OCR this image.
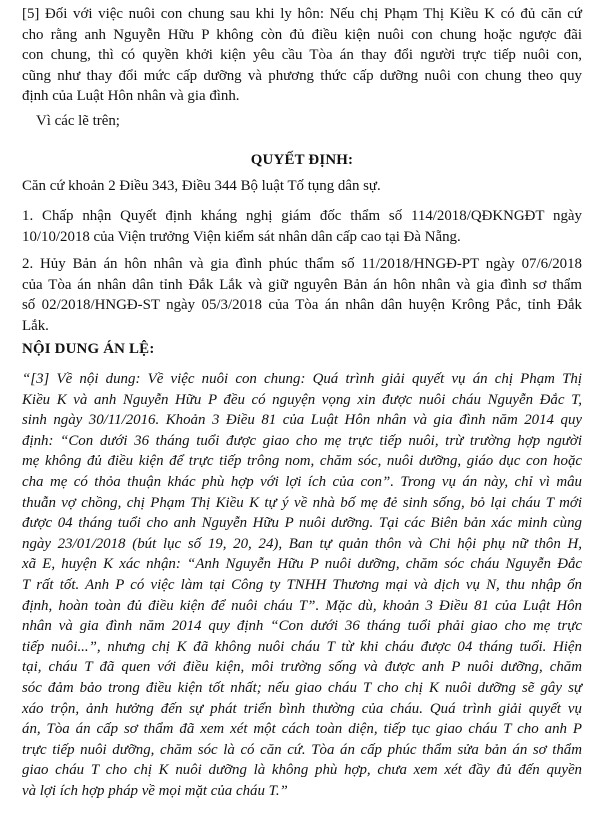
[5] Đối với việc nuôi con chung sau khi ly hôn: Nếu chị Phạm Thị Kiều K có đủ căn cứ
cho rằng anh Nguyễn Hữu P không còn đủ điều kiện nuôi con chung hoặc ngược đãi
con chung, thì có quyền khởi kiện yêu cầu Tòa án thay đổi người trực tiếp nuôi con,
cũng như thay đổi mức cấp dưỡng và phương thức cấp dưỡng nuôi con chung theo quy
định của Luật Hôn nhân và gia đình.
Vì các lẽ trên;
QUYẾT ĐỊNH:
Căn cứ khoản 2 Điều 343, Điều 344 Bộ luật Tố tụng dân sự.
1. Chấp nhận Quyết định kháng nghị giám đốc thẩm số 114/2018/QĐKNGĐT ngày
10/10/2018 của Viện trưởng Viện kiểm sát nhân dân cấp cao tại Đà Nẵng.
2. Hủy Bản án hôn nhân và gia đình phúc thẩm số 11/2018/HNGĐ-PT ngày 07/6/2018
của Tòa án nhân dân tỉnh Đắk Lắk và giữ nguyên Bản án hôn nhân và gia đình sơ thẩm
số 02/2018/HNGĐ-ST ngày 05/3/2018 của Tòa án nhân dân huyện Krông Pắc, tỉnh Đắk
Lắk.
NỘI DUNG ÁN LỆ:
“[3] Về nội dung: Về việc nuôi con chung: Quá trình giải quyết vụ án chị Phạm Thị
Kiều K và anh Nguyễn Hữu P đều có nguyện vọng xin được nuôi cháu Nguyễn Đắc T,
sinh ngày 30/11/2016. Khoản 3 Điều 81 của Luật Hôn nhân và gia đình năm 2014 quy
định: “Con dưới 36 tháng tuổi được giao cho mẹ trực tiếp nuôi, trừ trường hợp người
mẹ không đủ điều kiện để trực tiếp trông nom, chăm sóc, nuôi dưỡng, giáo dục con hoặc
cha mẹ có thỏa thuận khác phù hợp với lợi ích của con”. Trong vụ án này, chỉ vì mâu
thuẫn vợ chồng, chị Phạm Thị Kiều K tự ý về nhà bố mẹ đẻ sinh sống, bỏ lại cháu T mới
được 04 tháng tuổi cho anh Nguyễn Hữu P nuôi dưỡng. Tại các Biên bản xác minh cùng
ngày 23/01/2018 (bút lục số 19, 20, 24), Ban tự quản thôn và Chi hội phụ nữ thôn H,
xã E, huyện K xác nhận: “Anh Nguyễn Hữu P nuôi dưỡng, chăm sóc cháu Nguyễn Đắc
T rất tốt. Anh P có việc làm tại Công ty TNHH Thương mại và dịch vụ N, thu nhập ổn
định, hoàn toàn đủ điều kiện để nuôi cháu T”. Mặc dù, khoản 3 Điều 81 của Luật Hôn
nhân và gia đình năm 2014 quy định “Con dưới 36 tháng tuổi phải giao cho mẹ trực
tiếp nuôi...”, nhưng chị K đã không nuôi cháu T từ khi cháu được 04 tháng tuổi. Hiện
tại, cháu T đã quen với điều kiện, môi trường sống và được anh P nuôi dưỡng, chăm
sóc đảm bảo trong điều kiện tốt nhất; nếu giao cháu T cho chị K nuôi dưỡng sẽ gây sự
xáo trộn, ảnh hưởng đến sự phát triển bình thường của cháu. Quá trình giải quyết vụ
án, Tòa án cấp sơ thẩm đã xem xét một cách toàn diện, tiếp tục giao cháu T cho anh P
trực tiếp nuôi dưỡng, chăm sóc là có căn cứ. Tòa án cấp phúc thẩm sửa bản án sơ thẩm
giao cháu T cho chị K nuôi dưỡng là không phù hợp, chưa xem xét đầy đủ đến quyền
và lợi ích hợp pháp về mọi mặt của cháu T.”
